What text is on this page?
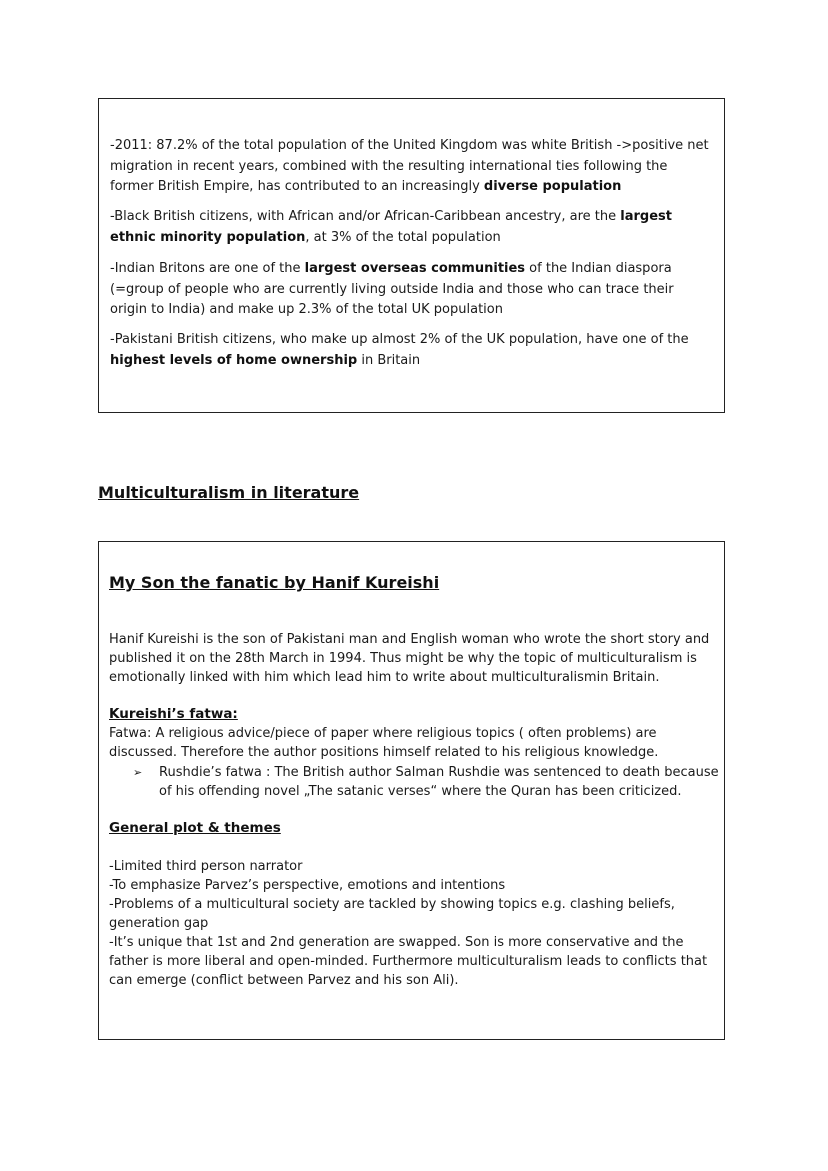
-2011: 87.2% of the total population of the United Kingdom was white British ->positive net migration in recent years, combined with the resulting international ties following the former British Empire, has contributed to an increasingly diverse population

-Black British citizens, with African and/or African-Caribbean ancestry, are the largest ethnic minority population, at 3% of the total population

-Indian Britons are one of the largest overseas communities of the Indian diaspora (=group of people who are currently living outside India and those who can trace their origin to India) and make up 2.3% of the total UK population

-Pakistani British citizens, who make up almost 2% of the UK population, have one of the highest levels of home ownership in Britain

Multiculturalism in literature
My Son the fanatic by Hanif Kureishi

Hanif Kureishi is the son of Pakistani man and English woman who wrote the short story and published it on the 28th March in 1994. Thus might be why the topic of multiculturalism is emotionally linked with him which lead him to write about multiculturalismin Britain.

Kureishi’s fatwa:

Fatwa: A religious advice/piece of paper where religious topics ( often problems) are discussed. Therefore the author positions himself related to his religious knowledge.

➢	Rushdie’s fatwa : The British author Salman Rushdie was sentenced to death because of his offending novel „The satanic verses“ where the Quran has been criticized.
General plot & themes

-Limited third person narrator
-To emphasize Parvez’s perspective, emotions and intentions
-Problems of a multicultural society are tackled by showing topics e.g. clashing beliefs, generation gap
-It’s unique that 1st and 2nd generation are swapped. Son is more conservative and the father is more liberal and open-minded. Furthermore multiculturalism leads to conflicts that can emerge (conflict between Parvez and his son Ali).
